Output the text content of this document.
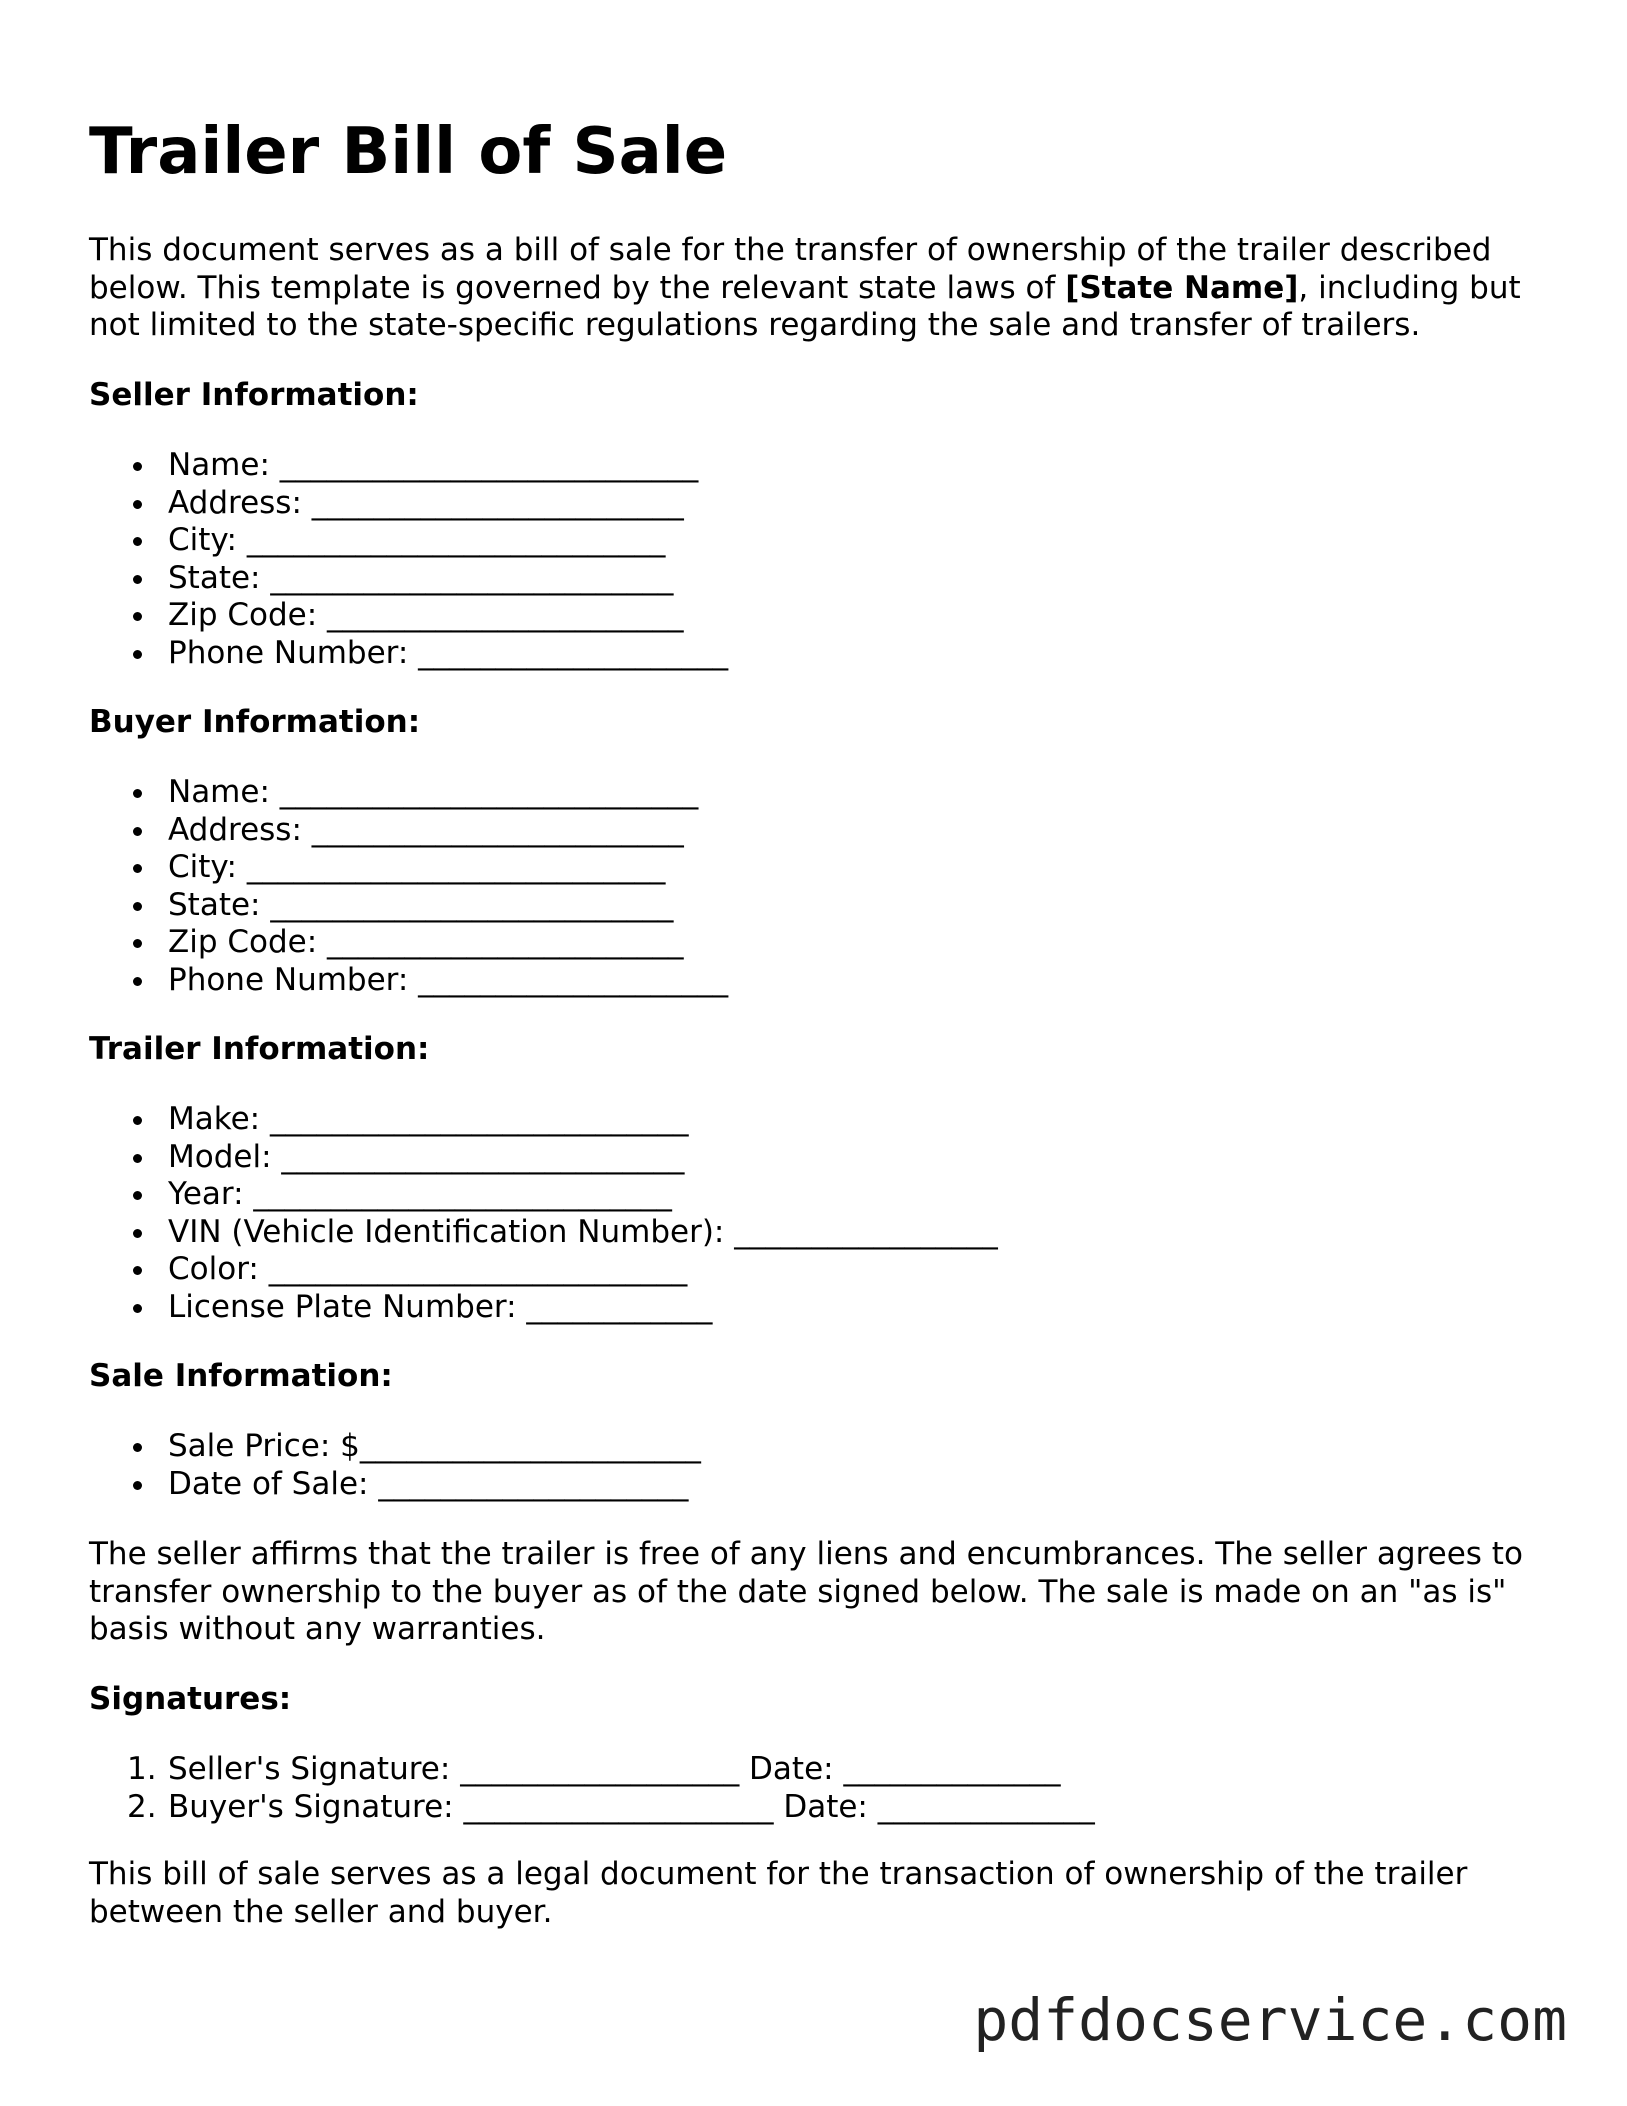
Trailer Bill of Sale

This document serves as a bill of sale for the transfer of ownership of the trailer described below. This template is governed by the relevant state laws of [State Name], including but not limited to the state-specific regulations regarding the sale and transfer of trailers.

Seller Information:
Name: ___________________________
Address: ________________________
City: ___________________________
State: __________________________
Zip Code: _______________________
Phone Number: ____________________
Buyer Information:
Name: ___________________________
Address: ________________________
City: ___________________________
State: __________________________
Zip Code: _______________________
Phone Number: ____________________
Trailer Information:
Make: ___________________________
Model: __________________________
Year: ___________________________
VIN (Vehicle Identification Number): _________________
Color: ___________________________
License Plate Number: ____________
Sale Information:
Sale Price: $______________________
Date of Sale: ____________________

The seller affirms that the trailer is free of any liens and encumbrances. The seller agrees to transfer ownership to the buyer as of the date signed below. The sale is made on an "as is" basis without any warranties.

Signatures:
1. Seller's Signature: __________________ Date: ______________
2. Buyer's Signature: ____________________ Date: ______________

This bill of sale serves as a legal document for the transaction of ownership of the trailer between the seller and buyer.

pdfdocservice.com
